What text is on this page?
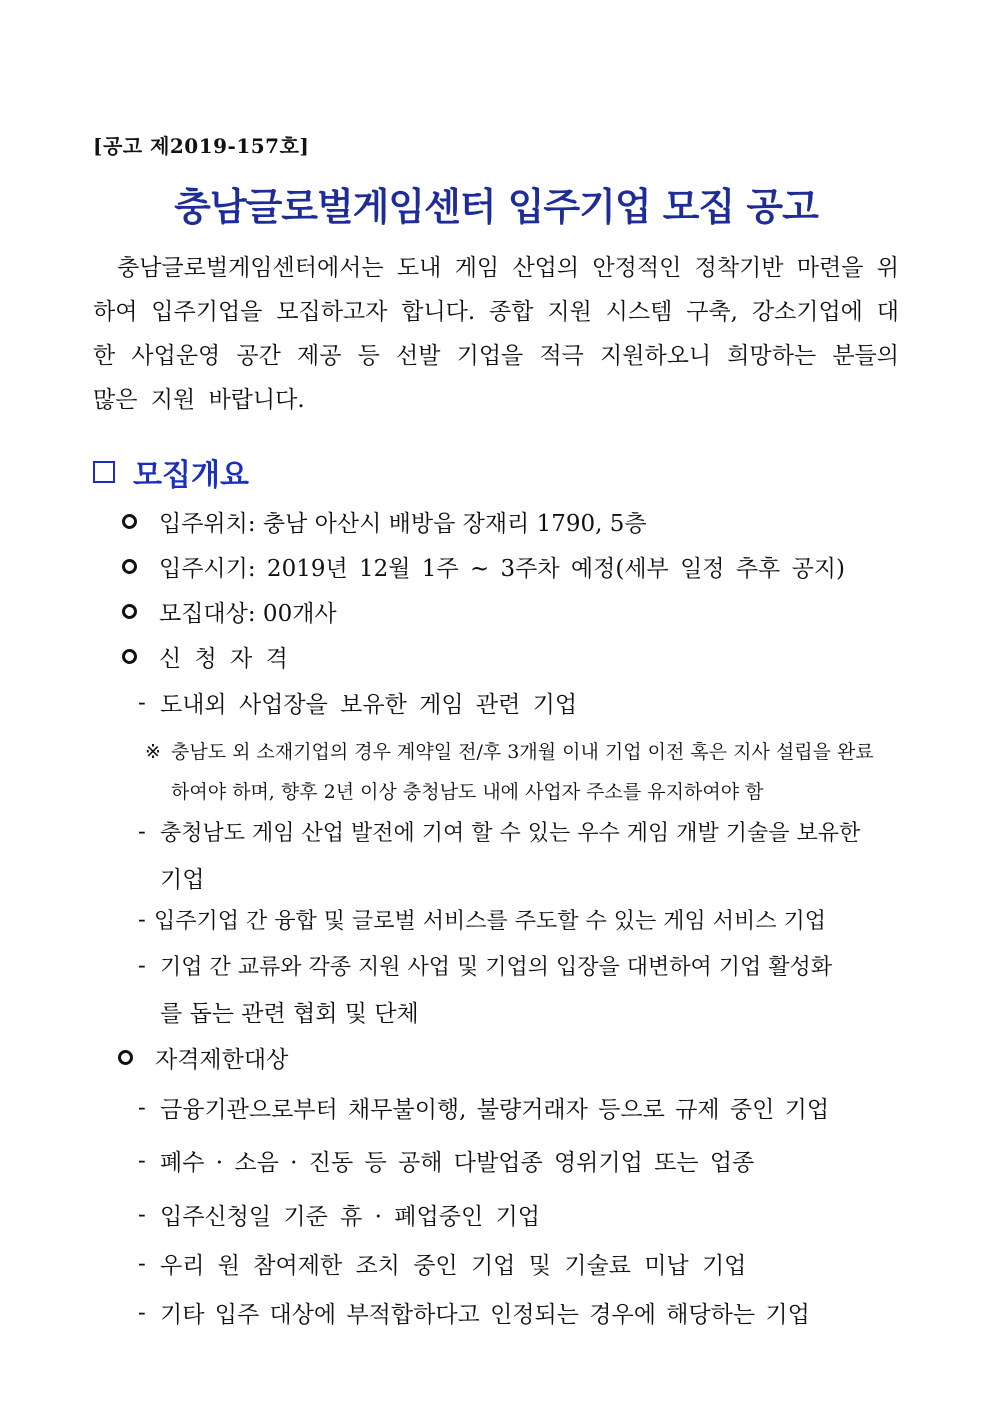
[공고 제2019-157호]
충남글로벌게임센터 입주기업 모집 공고
충남글로벌게임센터에서는 도내 게임 산업의 안정적인 정착기반 마련을 위하여 입주기업을 모집하고자 합니다. 종합 지원 시스템 구축, 강소기업에 대한 사업운영 공간 제공 등 선발 기업을 적극 지원하오니 희망하는 분들의 많은 지원 바랍니다.
모집개요
입주위치: 충남 아산시 배방읍 장재리 1790, 5층
입주시기: 2019년 12월 1주 ~ 3주차 예정(세부 일정 추후 공지)
모집대상: 00개사
신 청 자 격
- 도내외 사업장을 보유한 게임 관련 기업
※ 충남도 외 소재기업의 경우 계약일 전/후 3개월 이내 기업 이전 혹은 지사 설립을 완료
하여야 하며, 향후 2년 이상 충청남도 내에 사업자 주소를 유지하여야 함
- 충청남도 게임 산업 발전에 기여 할 수 있는 우수 게임 개발 기술을 보유한
기업
- 입주기업 간 융합 및 글로벌 서비스를 주도할 수 있는 게임 서비스 기업
- 기업 간 교류와 각종 지원 사업 및 기업의 입장을 대변하여 기업 활성화
를 돕는 관련 협회 및 단체
자격제한대상
- 금융기관으로부터 채무불이행, 불량거래자 등으로 규제 중인 기업
- 폐수 · 소음 · 진동 등 공해 다발업종 영위기업 또는 업종
- 입주신청일 기준 휴 · 폐업중인 기업
- 우리 원 참여제한 조치 중인 기업 및 기술료 미납 기업
- 기타 입주 대상에 부적합하다고 인정되는 경우에 해당하는 기업
